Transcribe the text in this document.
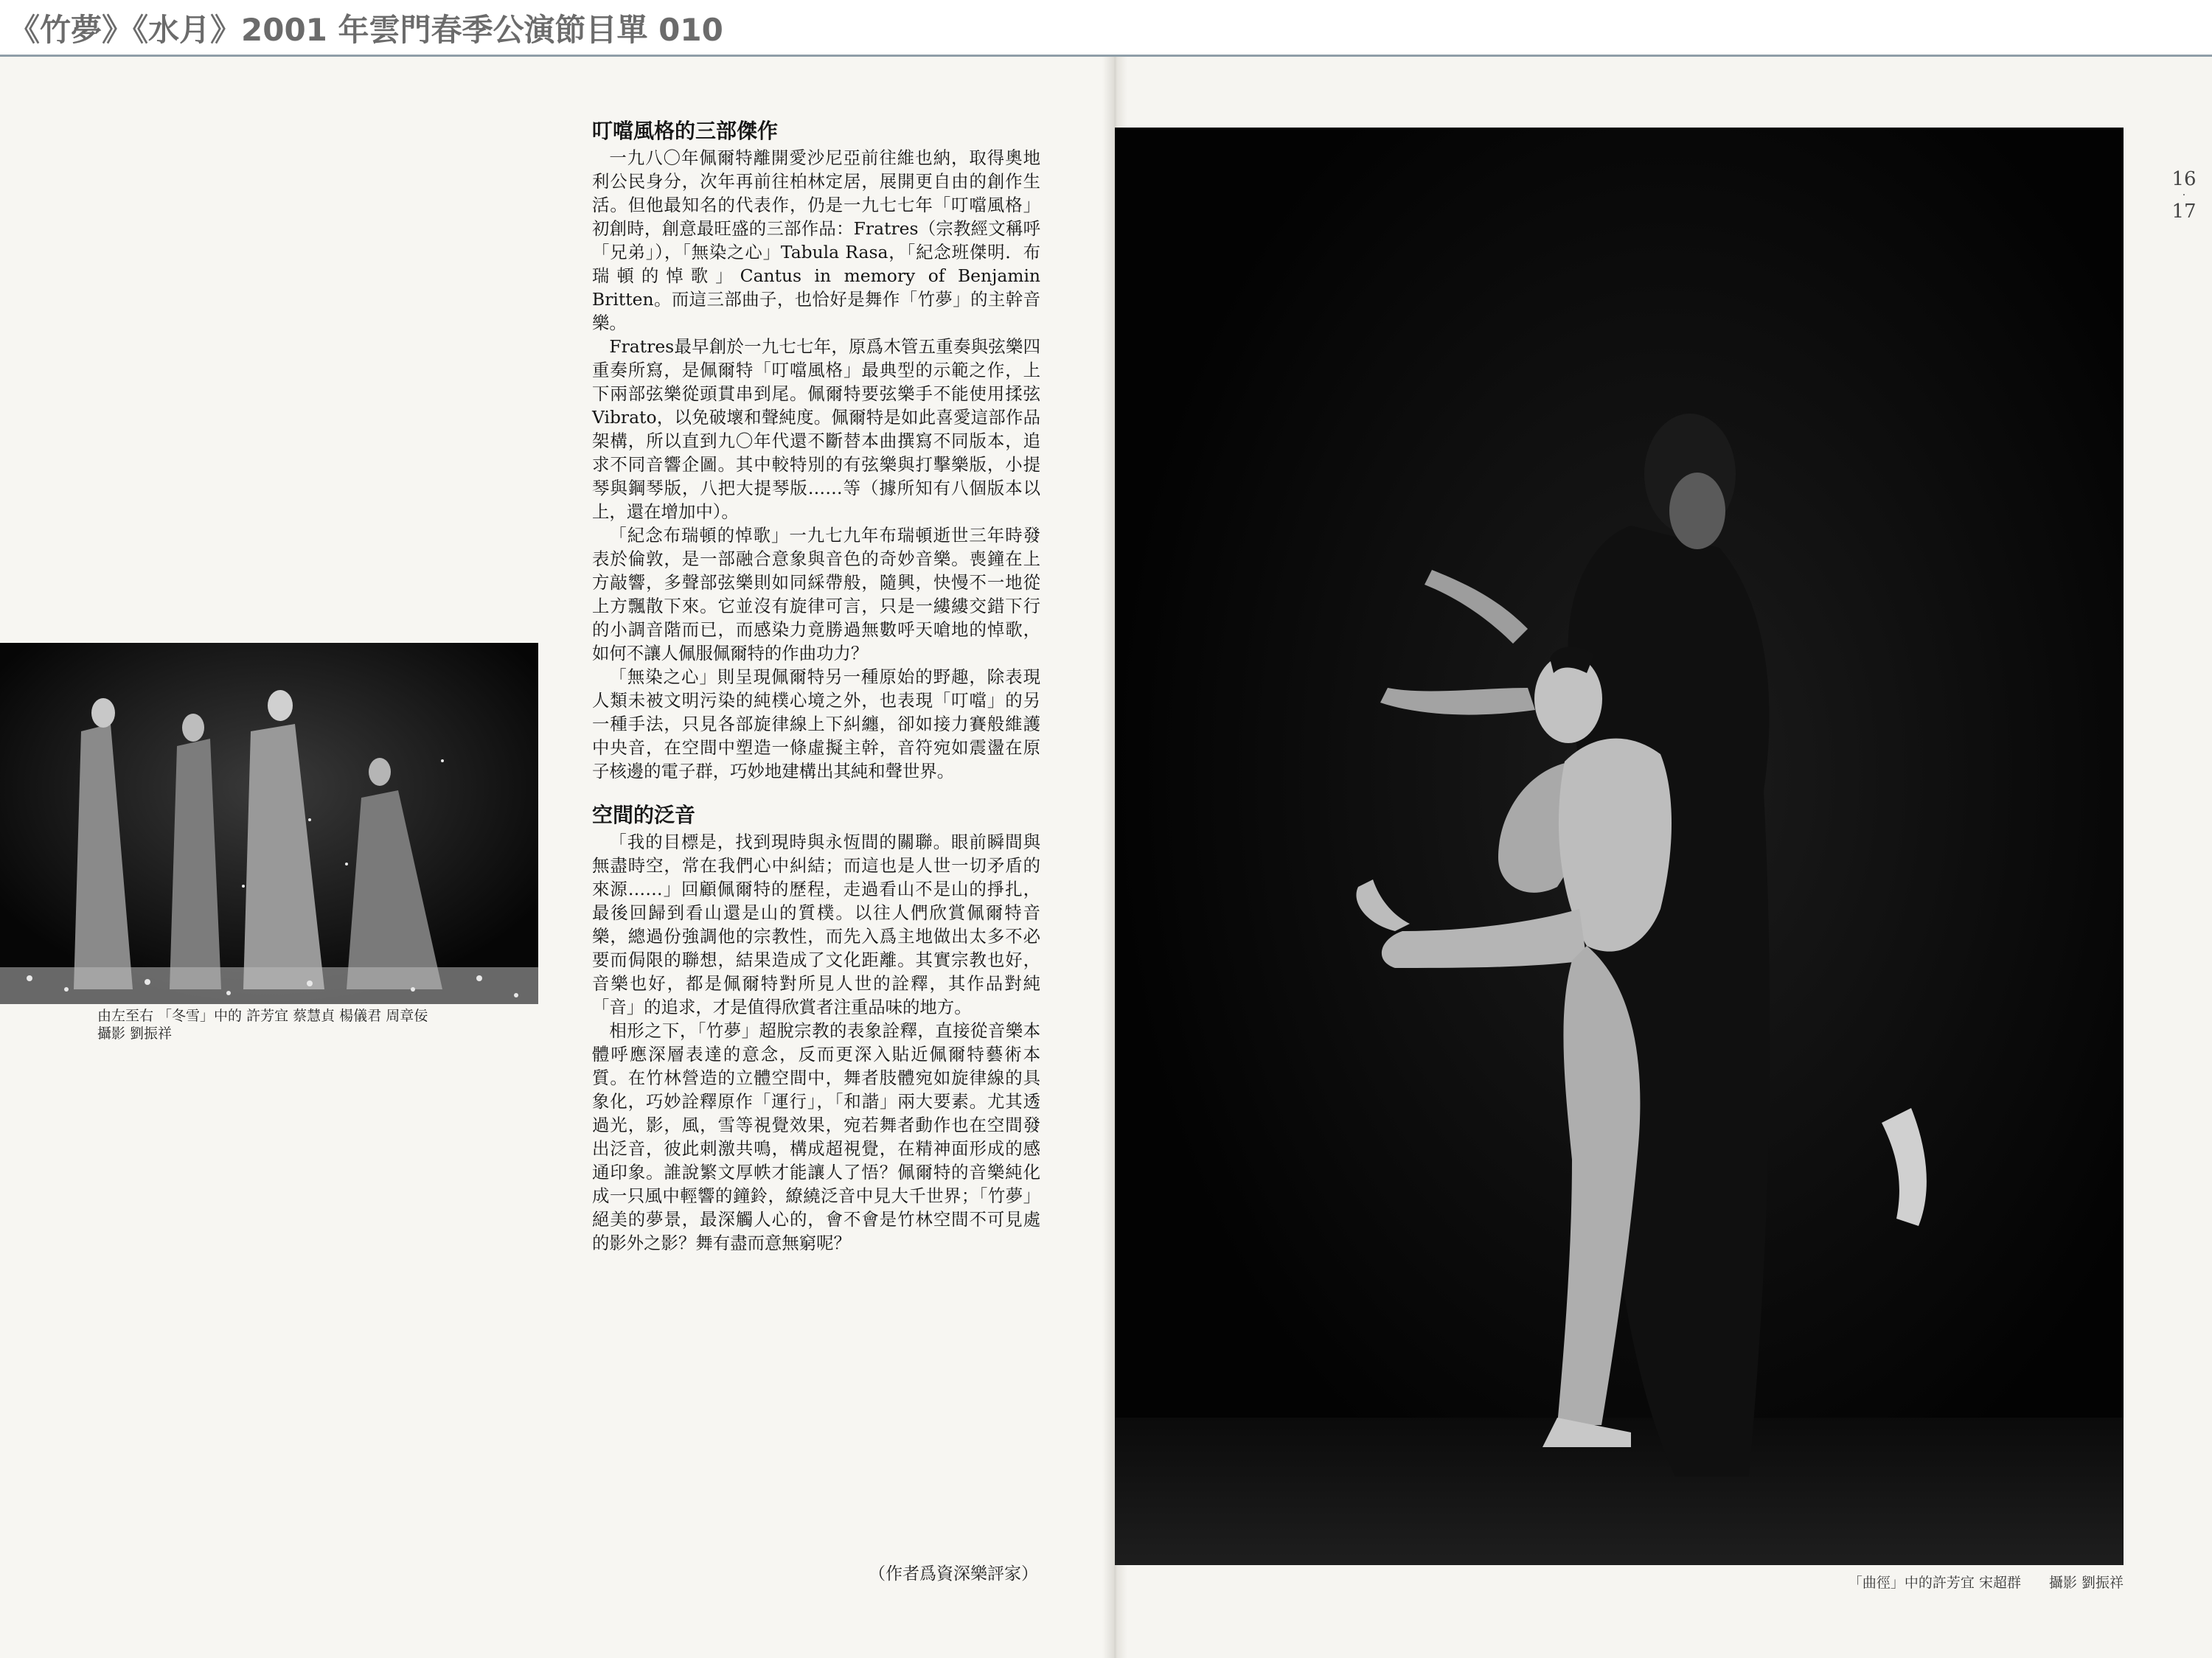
《竹夢》《水月》2001 年雲門春季公演節目單 010
由左至右 「冬雪」中的 許芳宜 蔡慧貞 楊儀君 周章佞
攝影 劉振祥
叮噹風格的三部傑作

一九八〇年佩爾特離開愛沙尼亞前往維也納，取得奧地利公民身分，次年再前往柏林定居，展開更自由的創作生活。但他最知名的代表作，仍是一九七七年「叮噹風格」初創時，創意最旺盛的三部作品：Fratres（宗教經文稱呼「兄弟」），「無染之心」Tabula Rasa，「紀念班傑明．布瑞頓的悼歌」Cantus in memory of Benjamin Britten。而這三部曲子，也恰好是舞作「竹夢」的主幹音樂。

Fratres最早創於一九七七年，原爲木管五重奏與弦樂四重奏所寫，是佩爾特「叮噹風格」最典型的示範之作，上下兩部弦樂從頭貫串到尾。佩爾特要弦樂手不能使用揉弦Vibrato，以免破壞和聲純度。佩爾特是如此喜愛這部作品架構，所以直到九〇年代還不斷替本曲撰寫不同版本，追求不同音響企圖。其中較特別的有弦樂與打擊樂版，小提琴與鋼琴版，八把大提琴版……等（據所知有八個版本以上，還在增加中）。

「紀念布瑞頓的悼歌」一九七九年布瑞頓逝世三年時發表於倫敦，是一部融合意象與音色的奇妙音樂。喪鐘在上方敲響，多聲部弦樂則如同綵帶般，隨興，快慢不一地從上方飄散下來。它並沒有旋律可言，只是一縷縷交錯下行的小調音階而已，而感染力竟勝過無數呼天嗆地的悼歌，如何不讓人佩服佩爾特的作曲功力？

「無染之心」則呈現佩爾特另一種原始的野趣，除表現人類未被文明污染的純樸心境之外，也表現「叮噹」的另一種手法，只見各部旋律線上下糾纏，卻如接力賽般維護中央音，在空間中塑造一條虛擬主幹，音符宛如震盪在原子核邊的電子群，巧妙地建構出其純和聲世界。

空間的泛音

「我的目標是，找到現時與永恆間的關聯。眼前瞬間與無盡時空，常在我們心中糾結；而這也是人世一切矛盾的來源……」回顧佩爾特的歷程，走過看山不是山的掙扎，最後回歸到看山還是山的質樸。以往人們欣賞佩爾特音樂，總過份強調他的宗教性，而先入爲主地做出太多不必要而侷限的聯想，結果造成了文化距離。其實宗教也好，音樂也好，都是佩爾特對所見人世的詮釋，其作品對純「音」的追求，才是值得欣賞者注重品味的地方。

相形之下，「竹夢」超脫宗教的表象詮釋，直接從音樂本體呼應深層表達的意念，反而更深入貼近佩爾特藝術本質。在竹林營造的立體空間中，舞者肢體宛如旋律線的具象化，巧妙詮釋原作「運行」，「和諧」兩大要素。尤其透過光，影，風，雪等視覺效果，宛若舞者動作也在空間發出泛音，彼此刺激共鳴，構成超視覺，在精神面形成的感通印象。誰說繁文厚帙才能讓人了悟？佩爾特的音樂純化成一只風中輕響的鐘鈴，繚繞泛音中見大千世界；「竹夢」絕美的夢景，最深觸人心的，會不會是竹林空間不可見處的影外之影？舞有盡而意無窮呢？

（作者爲資深樂評家）
16
·
17
「曲徑」中的許芳宜 宋超群　　攝影 劉振祥
